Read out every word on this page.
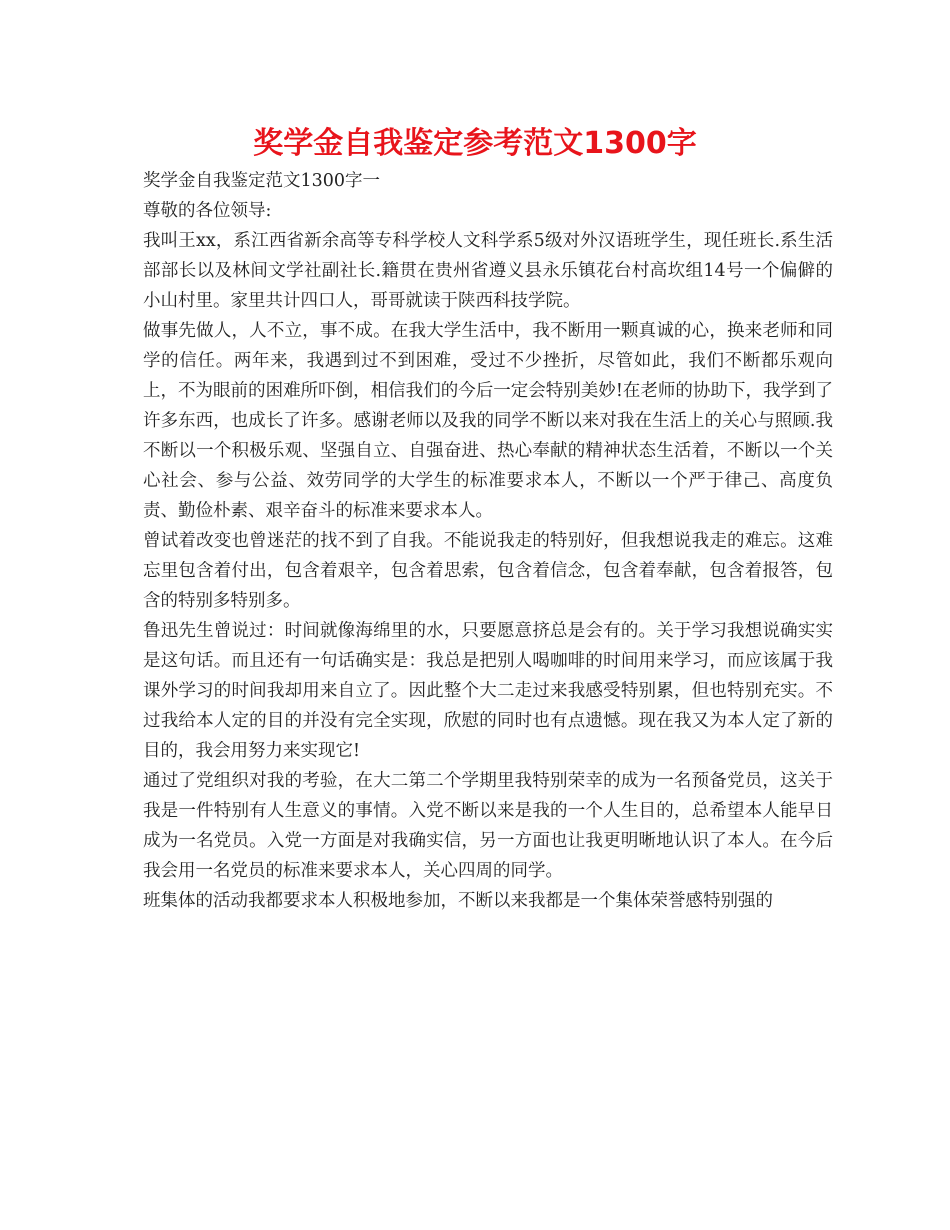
奖学金自我鉴定参考范文1300字

奖学金自我鉴定范文1300字一

尊敬的各位领导:

我叫王xx，系江西省新余高等专科学校人文科学系5级对外汉语班学生，现任班长.系生活部部长以及林间文学社副社长.籍贯在贵州省遵义县永乐镇花台村高坎组14号一个偏僻的小山村里。家里共计四口人，哥哥就读于陕西科技学院。

做事先做人，人不立，事不成。在我大学生活中，我不断用一颗真诚的心，换来老师和同学的信任。两年来，我遇到过不到困难，受过不少挫折，尽管如此，我们不断都乐观向上，不为眼前的困难所吓倒，相信我们的今后一定会特别美妙!在老师的协助下，我学到了许多东西，也成长了许多。感谢老师以及我的同学不断以来对我在生活上的关心与照顾.我不断以一个积极乐观、坚强自立、自强奋进、热心奉献的精神状态生活着，不断以一个关心社会、参与公益、效劳同学的大学生的标准要求本人，不断以一个严于律己、高度负责、勤俭朴素、艰辛奋斗的标准来要求本人。

曾试着改变也曾迷茫的找不到了自我。不能说我走的特别好，但我想说我走的难忘。这难忘里包含着付出，包含着艰辛，包含着思索，包含着信念，包含着奉献，包含着报答，包含的特别多特别多。

鲁迅先生曾说过：时间就像海绵里的水，只要愿意挤总是会有的。关于学习我想说确实实是这句话。而且还有一句话确实是：我总是把别人喝咖啡的时间用来学习，而应该属于我课外学习的时间我却用来自立了。因此整个大二走过来我感受特别累，但也特别充实。不过我给本人定的目的并没有完全实现，欣慰的同时也有点遗憾。现在我又为本人定了新的目的，我会用努力来实现它!

通过了党组织对我的考验，在大二第二个学期里我特别荣幸的成为一名预备党员，这关于我是一件特别有人生意义的事情。入党不断以来是我的一个人生目的，总希望本人能早日成为一名党员。入党一方面是对我确实信，另一方面也让我更明晰地认识了本人。在今后我会用一名党员的标准来要求本人，关心四周的同学。

班集体的活动我都要求本人积极地参加，不断以来我都是一个集体荣誉感特别强的
